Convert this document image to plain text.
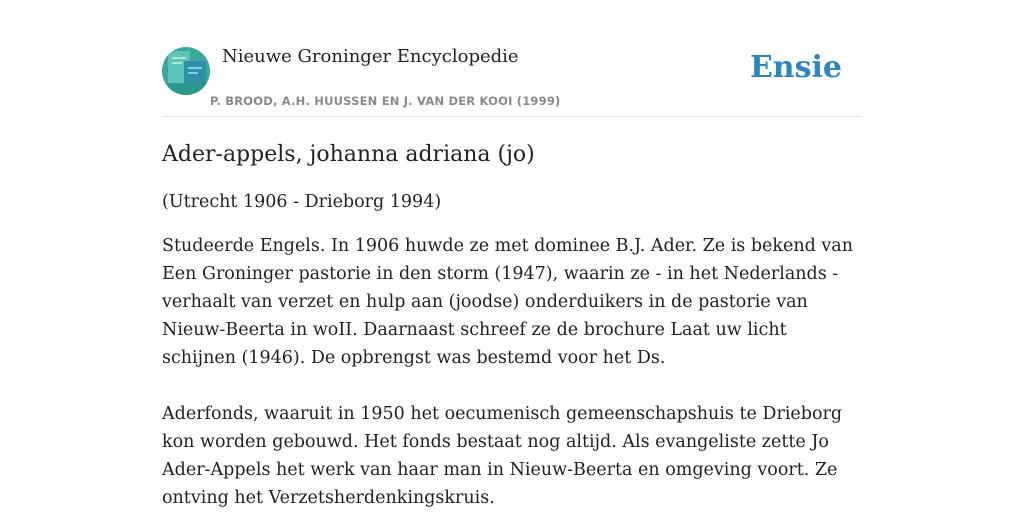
Nieuwe Groninger Encyclopedie
P. BROOD, A.H. HUUSSEN EN J. VAN DER KOOI (1999)
Ensie
Ader-appels, johanna adriana (jo)

(Utrecht 1906 - Drieborg 1994)

Studeerde Engels. In 1906 huwde ze met dominee B.J. Ader. Ze is bekend van Een Groninger pastorie in den storm (1947), waarin ze - in het Nederlands - verhaalt van verzet en hulp aan (joodse) onderduikers in de pastorie van Nieuw-Beerta in woII. Daarnaast schreef ze de brochure Laat uw licht schijnen (1946). De opbrengst was bestemd voor het Ds.

Aderfonds, waaruit in 1950 het oecumenisch gemeenschapshuis te Drieborg kon worden gebouwd. Het fonds bestaat nog altijd. Als evangeliste zette Jo Ader-Appels het werk van haar man in Nieuw-Beerta en omgeving voort. Ze ontving het Verzetsherdenkingskruis.
